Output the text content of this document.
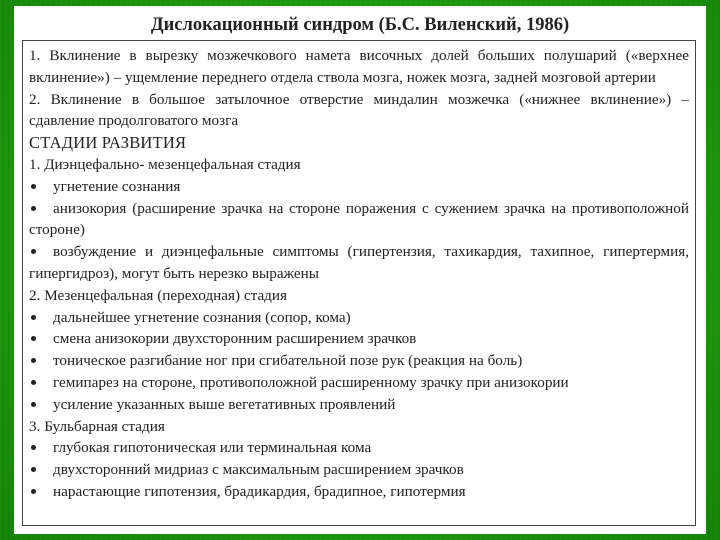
Дислокационный синдром (Б.С. Виленский, 1986)

1. Вклинение в вырезку мозжечкового намета височных долей больших полушарий («верхнее вклинение») – ущемление переднего отдела ствола мозга, ножек мозга, задней мозговой артерии

2. Вклинение в большое затылочное отверстие миндалин мозжечка («нижнее вклинение») – сдавление продолговатого мозга

СТАДИИ РАЗВИТИЯ

1. Диэнцефально- мезенцефальная стадия

угнетение сознания

анизокория (расширение зрачка на стороне поражения с сужением зрачка на противоположной стороне)

возбуждение и диэнцефальные симптомы (гипертензия, тахикардия, тахипное, гипертермия, гипергидроз), могут быть нерезко выражены

2. Мезенцефальная (переходная) стадия

дальнейшее угнетение сознания (сопор, кома)

смена анизокории двухсторонним расширением зрачков

тоническое разгибание ног при сгибательной позе рук (реакция на боль)

гемипарез на стороне, противоположной расширенному зрачку при анизокории

усиление указанных выше вегетативных проявлений

3. Бульбарная стадия

глубокая гипотоническая или терминальная кома

двухсторонний мидриаз с максимальным расширением зрачков

нарастающие гипотензия, брадикардия, брадипное, гипотермия
